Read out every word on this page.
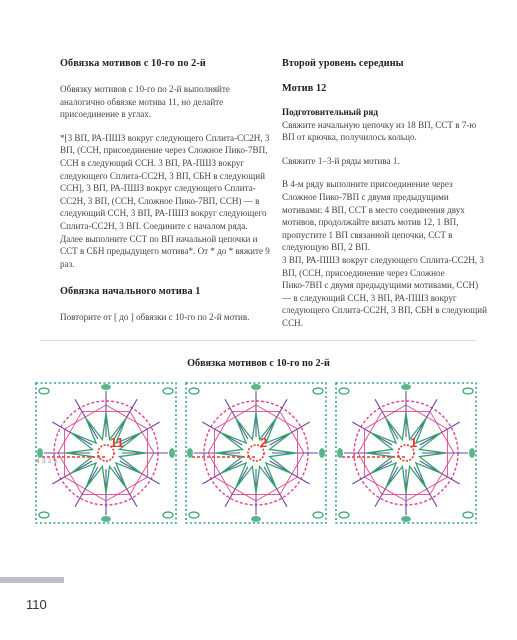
Обвязка мотивов с 10-го по 2-й

Обвязку мотивов с 10-го по 2-й выполняйте аналогично обвязке мотива 11, но делайте присоединение в углах.

*[3 ВП, РА-ПШЗ вокруг следующего Сплита-СС2Н, 3 ВП, (ССН, присоединение через Сложное Пико-7ВП, ССН в следующий ССН. 3 ВП, РА-ПШЗ вокруг следующего Сплита-СС2Н, 3 ВП, СБН в следующий ССН], 3 ВП, РА-ПШЗ вокруг следующего Сплита-СС2Н, 3 ВП, (ССН, Сложное Пико-7ВП, ССН) — в следующий ССН, 3 ВП, РА-ПШЗ вокруг следующего Сплита-СС2Н, 3 ВП. Соедините с началом ряда. Далее выполните ССТ по ВП начальной цепочки и ССТ в СБН предыдущего мотива*. От * до * вяжите 9 раз.

Обвязка начального мотива 1

Повторите от [ до ] обвязки с 10-го по 2-й мотив.

Второй уровень середины
Мотив 12

Подготовительный ряд

Свяжите начальную цепочку из 18 ВП, ССТ в 7-ю ВП от крючка, получилось кольцо.

Свяжите 1–3-й ряды мотива 1.

В 4-м ряду выполните присоединение через Сложное Пико-7ВП с двумя предыдущими мотивами: 4 ВП, ССТ в место соединения двух мотивов, продолжайте вязать мотив 12, 1 ВП, пропустите 1 ВП связанной цепочки, ССТ в следующую ВП, 2 ВП.

3 ВП, РА-ПШЗ вокруг следующего Сплита-СС2Н, 3 ВП, (ССН, присоединение через Сложное Пико-7ВП с двумя предыдущими мотивами, ССН) — в следующий ССН, 3 ВП, РА-ПШЗ вокруг следующего Сплита-СС2Н, 3 ВП, СБН в следующий ССН.

Обвязка мотивов с 10-го по 2-й
11	2	1
4 3 2 1
110
